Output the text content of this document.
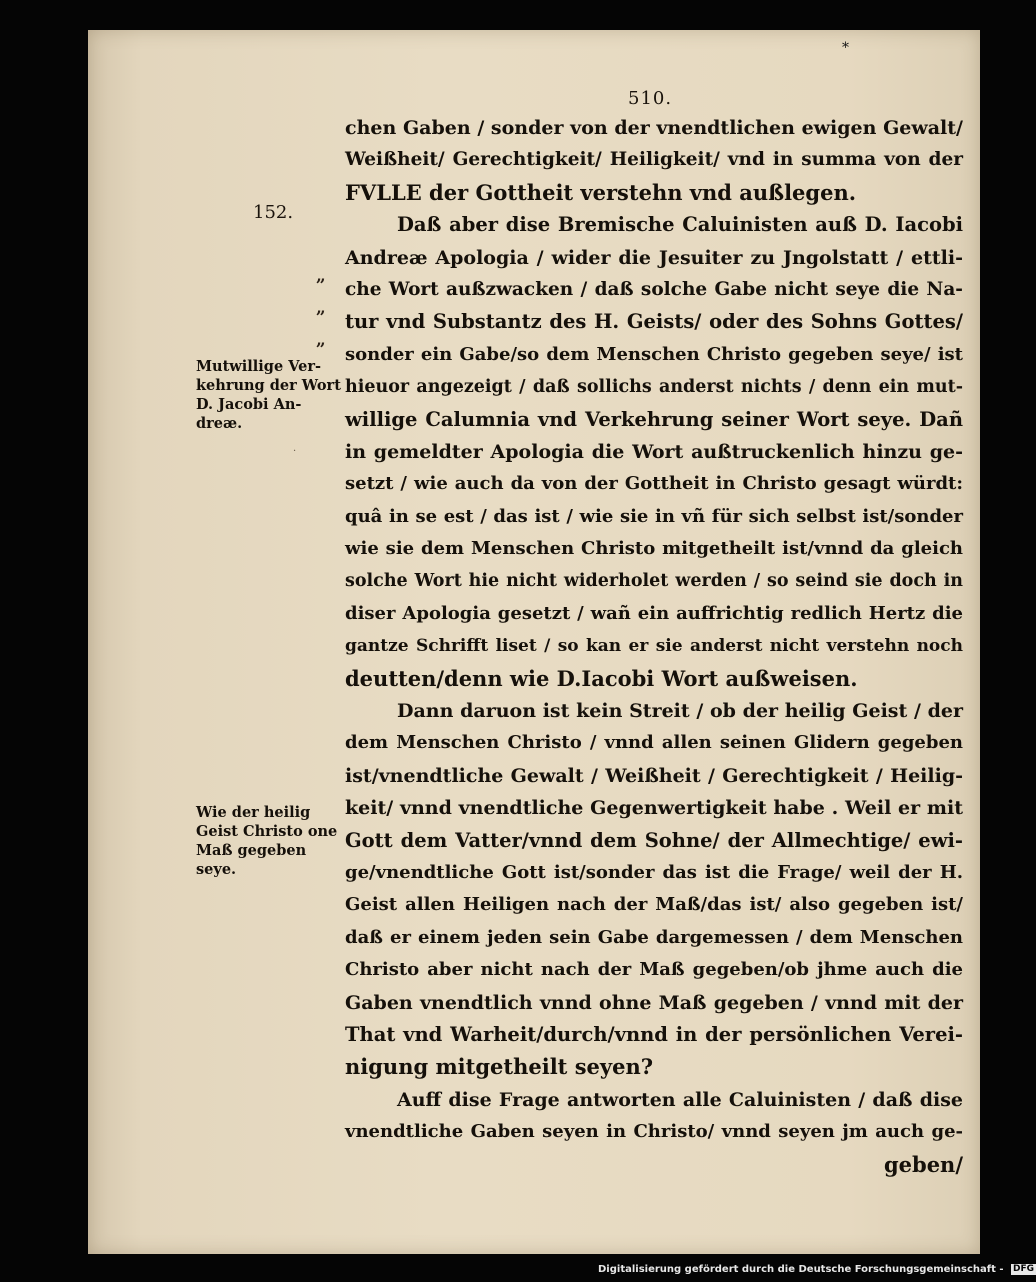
*
510.
152.
„
„
„
·
Mutwillige Ver-
kehrung der Wort
D. Jacobi An-
dreæ.
Wie der heilig
Geist Christo one
Maß gegeben
seye.
chen Gaben / sonder von der vnendtlichen ewigen Gewalt/
Weißheit/ Gerechtigkeit/ Heiligkeit/ vnd in summa von der
FVLLE der Gottheit verstehn vnd außlegen.
Daß aber dise Bremische Caluinisten auß D. Iacobi
Andreæ Apologia / wider die Jesuiter zu Jngolstatt / ettli-
che Wort außzwacken / daß solche Gabe nicht seye die Na-
tur vnd Substantz des H. Geists/ oder des Sohns Gottes/
sonder ein Gabe/so dem Menschen Christo gegeben seye/ ist
hieuor angezeigt / daß sollichs anderst nichts / denn ein mut-
willige Calumnia vnd Verkehrung seiner Wort seye. Dañ
in gemeldter Apologia die Wort außtruckenlich hinzu ge-
setzt / wie auch da von der Gottheit in Christo gesagt würdt:
quâ in se est / das ist / wie sie in vñ für sich selbst ist/sonder
wie sie dem Menschen Christo mitgetheilt ist/vnnd da gleich
solche Wort hie nicht widerholet werden / so seind sie doch in
diser Apologia gesetzt / wañ ein auffrichtig redlich Hertz die
gantze Schrifft liset / so kan er sie anderst nicht verstehn noch
deutten/denn wie D.Iacobi Wort außweisen.
Dann daruon ist kein Streit / ob der heilig Geist / der
dem Menschen Christo / vnnd allen seinen Glidern gegeben
ist/vnendtliche Gewalt / Weißheit / Gerechtigkeit / Heilig-
keit/ vnnd vnendtliche Gegenwertigkeit habe . Weil er mit
Gott dem Vatter/vnnd dem Sohne/ der Allmechtige/ ewi-
ge/vnendtliche Gott ist/sonder das ist die Frage/ weil der H.
Geist allen Heiligen nach der Maß/das ist/ also gegeben ist/
daß er einem jeden sein Gabe dargemessen / dem Menschen
Christo aber nicht nach der Maß gegeben/ob jhme auch die
Gaben vnendtlich vnnd ohne Maß gegeben / vnnd mit der
That vnd Warheit/durch/vnnd in der persönlichen Verei-
nigung mitgetheilt seyen?
Auff dise Frage antworten alle Caluinisten / daß dise
vnendtliche Gaben seyen in Christo/ vnnd seyen jm auch ge-
geben/
Digitalisierung gefördert durch die Deutsche Forschungsgemeinschaft - DFG
